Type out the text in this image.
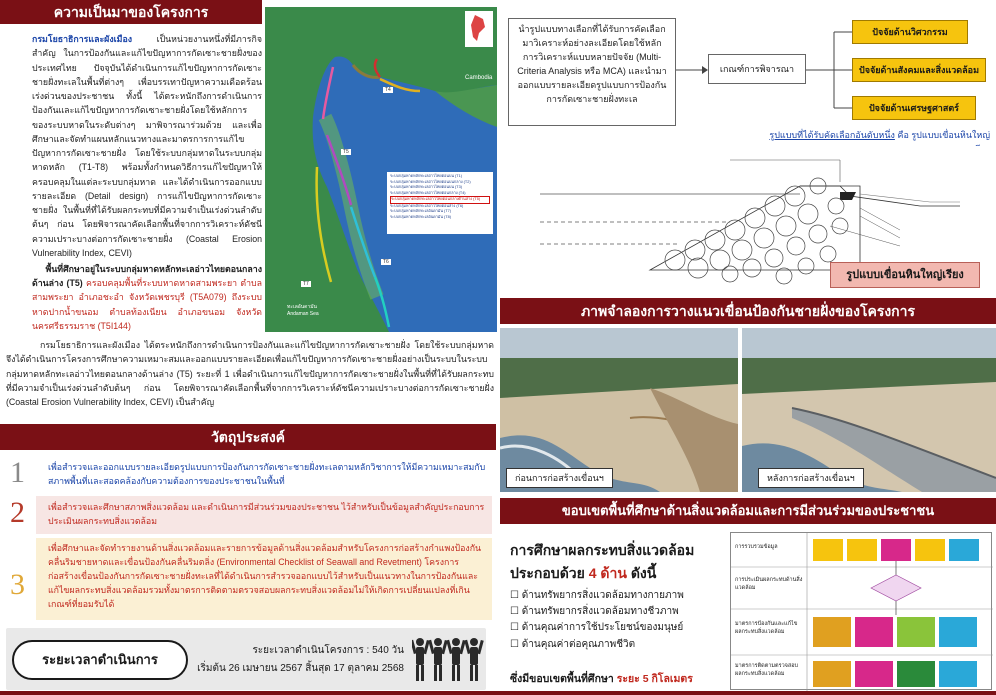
ความเป็นมาของโครงการ
กรมโยธาธิการและผังเมือง	เป็นหน่วยงานหนึ่งที่มีภารกิจสำคัญ ในการป้องกันและแก้ไขปัญหาการกัดเซาะชายฝั่งของประเทศไทย ปัจจุบันได้ดำเนินการแก้ไขปัญหาการกัดเซาะชายฝั่งทะเลในพื้นที่ต่างๆ เพื่อบรรเทาปัญหาความเดือดร้อนเร่งด่วนของประชาชน ทั้งนี้ ได้ตระหนักถึงการดำเนินการป้องกันและแก้ไขปัญหาการกัดเซาะชายฝั่งโดยใช้หลักการของระบบหาดในระดับต่างๆ มาพิจารณาร่วมด้วย และเพื่อศึกษาและจัดทำแผนหลักแนวทางและมาตรการการแก้ไขปัญหาการกัดเซาะชายฝั่ง โดยใช้ระบบกลุ่มหาดในระบบกลุ่มหาดหลัก (T1-T8) พร้อมทั้งกำหนดวิธีการแก้ไขปัญหาให้ ครอบคลุมในแต่ละระบบกลุ่มหาด และได้ดำเนินการออกแบบรายละเอียด (Detail design) การแก้ไขปัญหาการกัดเซาะชายฝั่ง ในพื้นที่ที่ได้รับผลกระทบที่มีความจำเป็นเร่งด่วนลำดับต้นๆ ก่อน โดยพิจารณาคัดเลือกพื้นที่จากการวิเคราะห์ดัชนีความเปราะบางต่อการกัดเซาะชายฝั่ง (Coastal Erosion Vulnerability Index, CEVI)
พื้นที่ศึกษาอยู่ในระบบกลุ่มหาดหลักทะเลอ่าวไทยตอนกลาง
ด้านล่าง (T5) ครอบคลุมพื้นที่ระบบหาดหาดสามพระยา ตำบลสามพระยา อำเภอชะอำ จังหวัดเพชรบุรี (T5A079) ถึงระบบหาดปากน้ำขนอม ตำบลท้องเนียน อำเภอขนอม จังหวัดนครศรีธรรมราช (T5I144)
ระบบกลุ่มหาดหลักทะเลอ่าวไทยตอนบน (T1)
ระบบกลุ่มหาดหลักทะเลอ่าวไทยตอนบนกลาง (T2)
ระบบกลุ่มหาดหลักทะเลอ่าวไทยตอนบน (T3)
ระบบกลุ่มหาดหลักทะเลอ่าวไทยตอนกลาง (T4)
ระบบกลุ่มหาดหลักทะเลอ่าวไทยตอนกลางด้านล่าง (T5)
ระบบกลุ่มหาดหลักทะเลอ่าวไทยตอนล่าง (T6)
ระบบกลุ่มหาดหลักทะเลอันดามัน (T7)
ระบบกลุ่มหาดหลักทะเลอันดามัน (T8)
Cambodia
T4
T5
T6
T7
ทะเลอันดามัน
Andaman Sea
กรมโยธาธิการและผังเมือง ได้ตระหนักถึงการดำเนินการป้องกันและแก้ไขปัญหาการกัดเซาะชายฝั่ง โดยใช้ระบบกลุ่มหาด จึงได้ดำเนินการโครงการศึกษาความเหมาะสมและออกแบบรายละเอียดเพื่อแก้ไขปัญหาการกัดเซาะชายฝั่งอย่างเป็นระบบในระบบกลุ่มหาดหลักทะเลอ่าวไทยตอนกลางด้านล่าง (T5) ระยะที่ 1 เพื่อดำเนินการแก้ไขปัญหาการกัดเซาะชายฝั่งในพื้นที่ที่ได้รับผลกระทบที่มีความจำเป็นเร่งด่วนลำดับต้นๆ ก่อน โดยพิจารณาคัดเลือกพื้นที่จากการวิเคราะห์ดัชนีความเปราะบางต่อการกัดเซาะชายฝั่ง (Coastal Erosion Vulnerability Index, CEVI) เป็นสำคัญ
วัตถุประสงค์
1	เพื่อสำรวจและออกแบบรายละเอียดรูปแบบการป้องกันการกัดเซาะชายฝั่งทะเลตามหลักวิชาการให้มีความเหมาะสมกับสภาพพื้นที่และสอดคล้องกับความต้องการของประชาชนในพื้นที่
2	เพื่อสำรวจและศึกษาสภาพสิ่งแวดล้อม และดำเนินการมีส่วนร่วมของประชาชน ไว้สำหรับเป็นข้อมูลสำคัญประกอบการประเมินผลกระทบสิ่งแวดล้อม
3
เพื่อศึกษาและจัดทำรายงานด้านสิ่งแวดล้อมและรายการข้อมูลด้านสิ่งแวดล้อมสำหรับโครงการก่อสร้างกำแพงป้องกันคลื่นริมชายหาดและเขื่อนป้องกันคลื่นริมตลิ่ง (Environmental Checklist of Seawall and Revetment) โครงการก่อสร้างเขื่อนป้องกันการกัดเซาะชายฝั่งทะเลที่ได้ดำเนินการสำรวจออกแบบไว้สำหรับเป็นแนวทางในการป้องกันและแก้ไขผลกระทบสิ่งแวดล้อมรวมทั้งมาตรการติดตามตรวจสอบผลกระทบสิ่งแวดล้อมไม่ให้เกิดการเปลี่ยนแปลงที่เกินเกณฑ์ที่ยอมรับได้
ระยะเวลาดำเนินการ
ระยะเวลาดำเนินโครงการ : 540 วัน
เริ่มต้น 26 เมษายน 2567 สิ้นสุด 17 ตุลาคม 2568
นำรูปแบบทางเลือกที่ได้รับการคัดเลือกมาวิเคราะห์อย่างละเอียดโดยใช้หลักการวิเคราะห์แบบหลายปัจจัย (Multi-Criteria Analysis หรือ MCA) และนำมาออกแบบรายละเอียดรูปแบบการป้องกันการกัดเซาะชายฝั่งทะเล
เกณฑ์การพิจารณา
ปัจจัยด้านวิศวกรรม
ปัจจัยด้านสังคมและสิ่งแวดล้อม
ปัจจัยด้านเศรษฐศาสตร์
รูปแบบที่ได้รับคัดเลือกอันดับหนึ่ง คือ รูปแบบเขื่อนหินใหญ่
รูปแบบเขื่อนหินใหญ่เรียง
ภาพจำลองการวางแนวเขื่อนป้องกันชายฝั่งของโครงการ
ก่อนการก่อสร้างเขื่อนฯ	หลังการก่อสร้างเขื่อนฯ
ขอบเขตพื้นที่ศึกษาด้านสิ่งแวดล้อมและการมีส่วนร่วมของประชาชน
การศึกษาผลกระทบสิ่งแวดล้อม
ประกอบด้วย 4 ด้าน ดังนี้
☐ ด้านทรัพยากรสิ่งแวดล้อมทางกายภาพ
☐ ด้านทรัพยากรสิ่งแวดล้อมทางชีวภาพ
☐ ด้านคุณค่าการใช้ประโยชน์ของมนุษย์
☐ ด้านคุณค่าต่อคุณภาพชีวิต
ซึ่งมีขอบเขตพื้นที่ศึกษา ระยะ 5 กิโลเมตร
การรวบรวมข้อมูล
การประเมินผลกระทบด้านสิ่งแวดล้อม
มาตรการป้องกันและแก้ไขผลกระทบสิ่งแวดล้อม
มาตรการติดตามตรวจสอบผลกระทบสิ่งแวดล้อม
